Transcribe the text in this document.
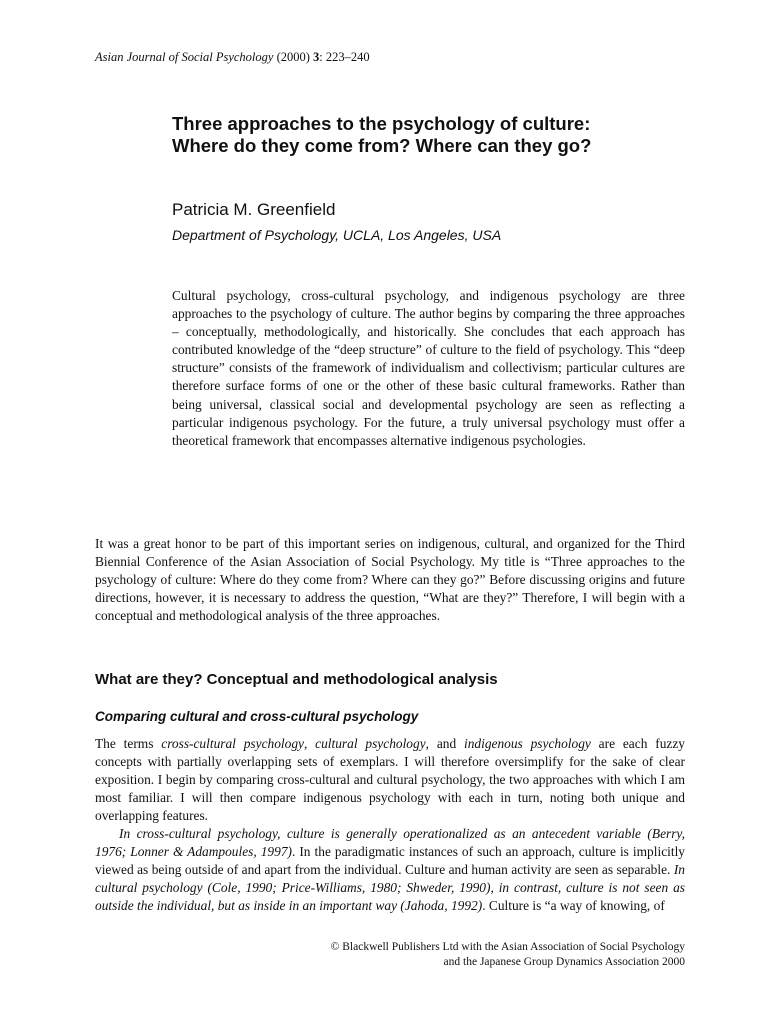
Asian Journal of Social Psychology (2000) 3: 223–240
Three approaches to the psychology of culture: Where do they come from? Where can they go?
Patricia M. Greenfield
Department of Psychology, UCLA, Los Angeles, USA
Cultural psychology, cross-cultural psychology, and indigenous psychology are three approaches to the psychology of culture. The author begins by comparing the three approaches – conceptually, methodologically, and historically. She concludes that each approach has contributed knowledge of the “deep structure” of culture to the field of psychology. This “deep structure” consists of the framework of individualism and collectivism; particular cultures are therefore surface forms of one or the other of these basic cultural frameworks. Rather than being universal, classical social and developmental psychology are seen as reflecting a particular indigenous psychology. For the future, a truly universal psychology must offer a theoretical framework that encompasses alternative indigenous psychologies.
It was a great honor to be part of this important series on indigenous, cultural, and organized for the Third Biennial Conference of the Asian Association of Social Psychology. My title is “Three approaches to the psychology of culture: Where do they come from? Where can they go?” Before discussing origins and future directions, however, it is necessary to address the question, “What are they?” Therefore, I will begin with a conceptual and methodological analysis of the three approaches.
What are they? Conceptual and methodological analysis
Comparing cultural and cross-cultural psychology
The terms cross-cultural psychology, cultural psychology, and indigenous psychology are each fuzzy concepts with partially overlapping sets of exemplars. I will therefore oversimplify for the sake of clear exposition. I begin by comparing cross-cultural and cultural psychology, the two approaches with which I am most familiar. I will then compare indigenous psychology with each in turn, noting both unique and overlapping features.
In cross-cultural psychology, culture is generally operationalized as an antecedent variable (Berry, 1976; Lonner & Adampoules, 1997). In the paradigmatic instances of such an approach, culture is implicitly viewed as being outside of and apart from the individual. Culture and human activity are seen as separable. In cultural psychology (Cole, 1990; Price-Williams, 1980; Shweder, 1990), in contrast, culture is not seen as outside the individual, but as inside in an important way (Jahoda, 1992). Culture is “a way of knowing, of
© Blackwell Publishers Ltd with the Asian Association of Social Psychology
and the Japanese Group Dynamics Association 2000
